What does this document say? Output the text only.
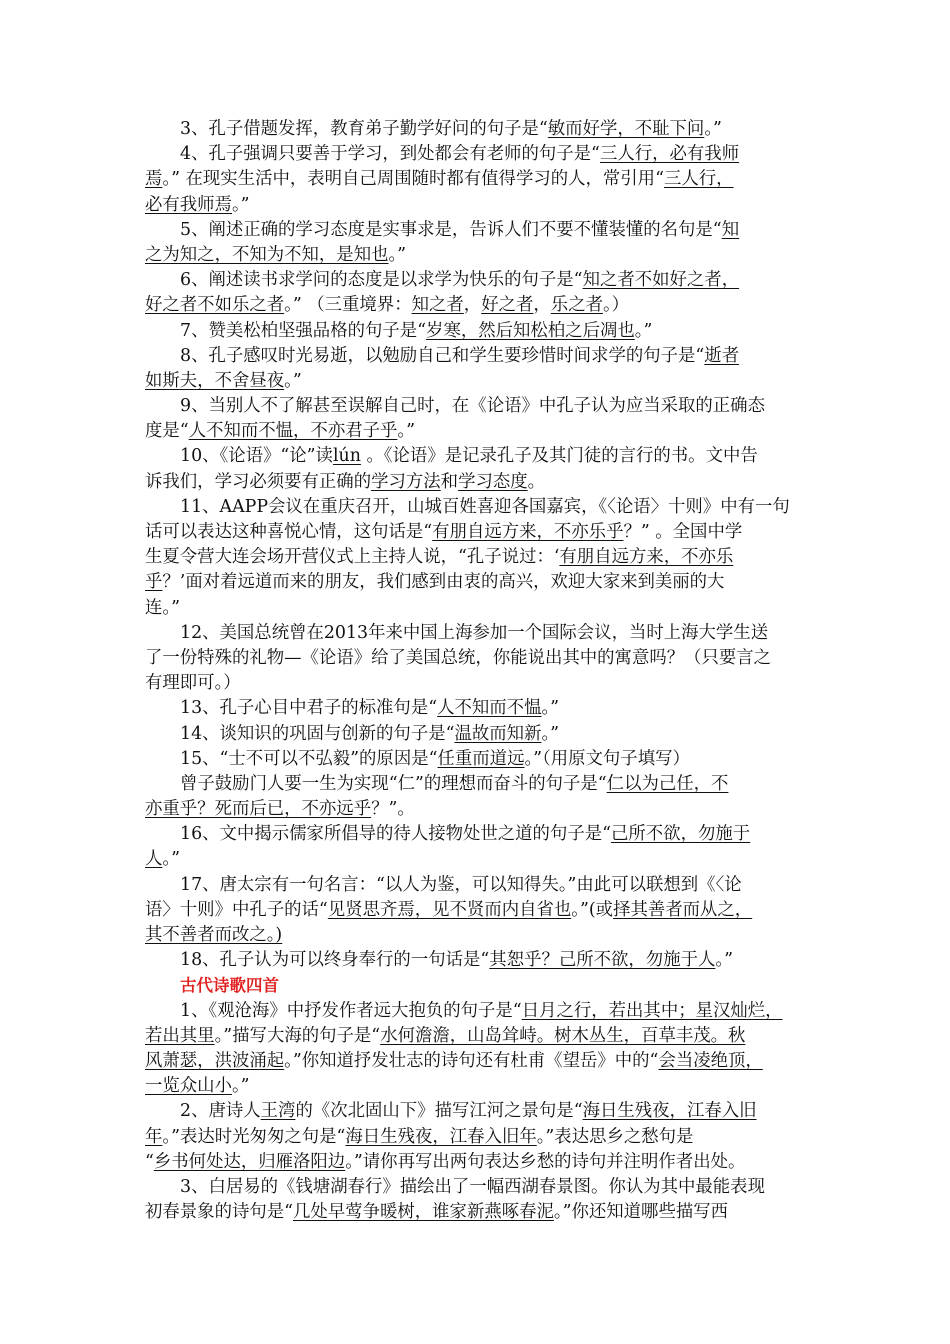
3、孔子借题发挥，教育弟子勤学好问的句子是“敏而好学，不耻下问。”
4、孔子强调只要善于学习，到处都会有老师的句子是“三人行，必有我师
焉。” 在现实生活中，表明自己周围随时都有值得学习的人，常引用“三人行，
必有我师焉。”
5、阐述正确的学习态度是实事求是，告诉人们不要不懂装懂的名句是“知
之为知之，不知为不知，是知也。”
6、阐述读书求学问的态度是以求学为快乐的句子是“知之者不如好之者，
好之者不如乐之者。” （三重境界：知之者，好之者，乐之者。）
7、赞美松柏坚强品格的句子是“岁寒，然后知松柏之后凋也。”
8、孔子感叹时光易逝，以勉励自己和学生要珍惜时间求学的句子是“逝者
如斯夫，不舍昼夜。”
9、当别人不了解甚至误解自己时，在《论语》中孔子认为应当采取的正确态
度是“人不知而不愠，不亦君子乎。”
10、《论语》“论”读lún 。《论语》是记录孔子及其门徒的言行的书。文中告
诉我们，学习必须要有正确的学习方法和学习态度。
11、AAPP会议在重庆召开，山城百姓喜迎各国嘉宾，《〈论语〉十则》中有一句
话可以表达这种喜悦心情，这句话是“有朋自远方来，不亦乐乎？” 。全国中学
生夏令营大连会场开营仪式上主持人说，“孔子说过：‘有朋自远方来，不亦乐
乎？’面对着远道而来的朋友，我们感到由衷的高兴，欢迎大家来到美丽的大
连。”
12、美国总统曾在2013年来中国上海参加一个国际会议，当时上海大学生送
了一份特殊的礼物—《论语》给了美国总统，你能说出其中的寓意吗？（只要言之
有理即可。）
13、孔子心目中君子的标准句是“人不知而不愠。”
14、谈知识的巩固与创新的句子是“温故而知新。”
15、“士不可以不弘毅”的原因是“任重而道远。”（用原文句子填写）
曾子鼓励门人要一生为实现“仁”的理想而奋斗的句子是“仁以为己任，不
亦重乎？死而后已，不亦远乎？”。
16、文中揭示儒家所倡导的待人接物处世之道的句子是“己所不欲，勿施于
人。”
17、唐太宗有一句名言：“以人为鉴，可以知得失。”由此可以联想到《〈论
语〉十则》中孔子的话“见贤思齐焉，见不贤而内自省也。”(或择其善者而从之，
其不善者而改之。)
18、孔子认为可以终身奉行的一句话是“其恕乎？己所不欲，勿施于人。”
古代诗歌四首
1、《观沧海》中抒发作者远大抱负的句子是“日月之行，若出其中；星汉灿烂，
若出其里。”描写大海的句子是“水何澹澹，山岛耸峙。树木丛生，百草丰茂。秋
风萧瑟，洪波涌起。”你知道抒发壮志的诗句还有杜甫《望岳》中的“会当凌绝顶，
一览众山小。”
2、唐诗人王湾的《次北固山下》描写江河之景句是“海日生残夜，江春入旧
年。”表达时光匆匆之句是“海日生残夜，江春入旧年。”表达思乡之愁句是
“乡书何处达，归雁洛阳边。”请你再写出两句表达乡愁的诗句并注明作者出处。
3、白居易的《钱塘湖春行》描绘出了一幅西湖春景图。你认为其中最能表现
初春景象的诗句是“几处早莺争暖树，谁家新燕啄春泥。”你还知道哪些描写西
